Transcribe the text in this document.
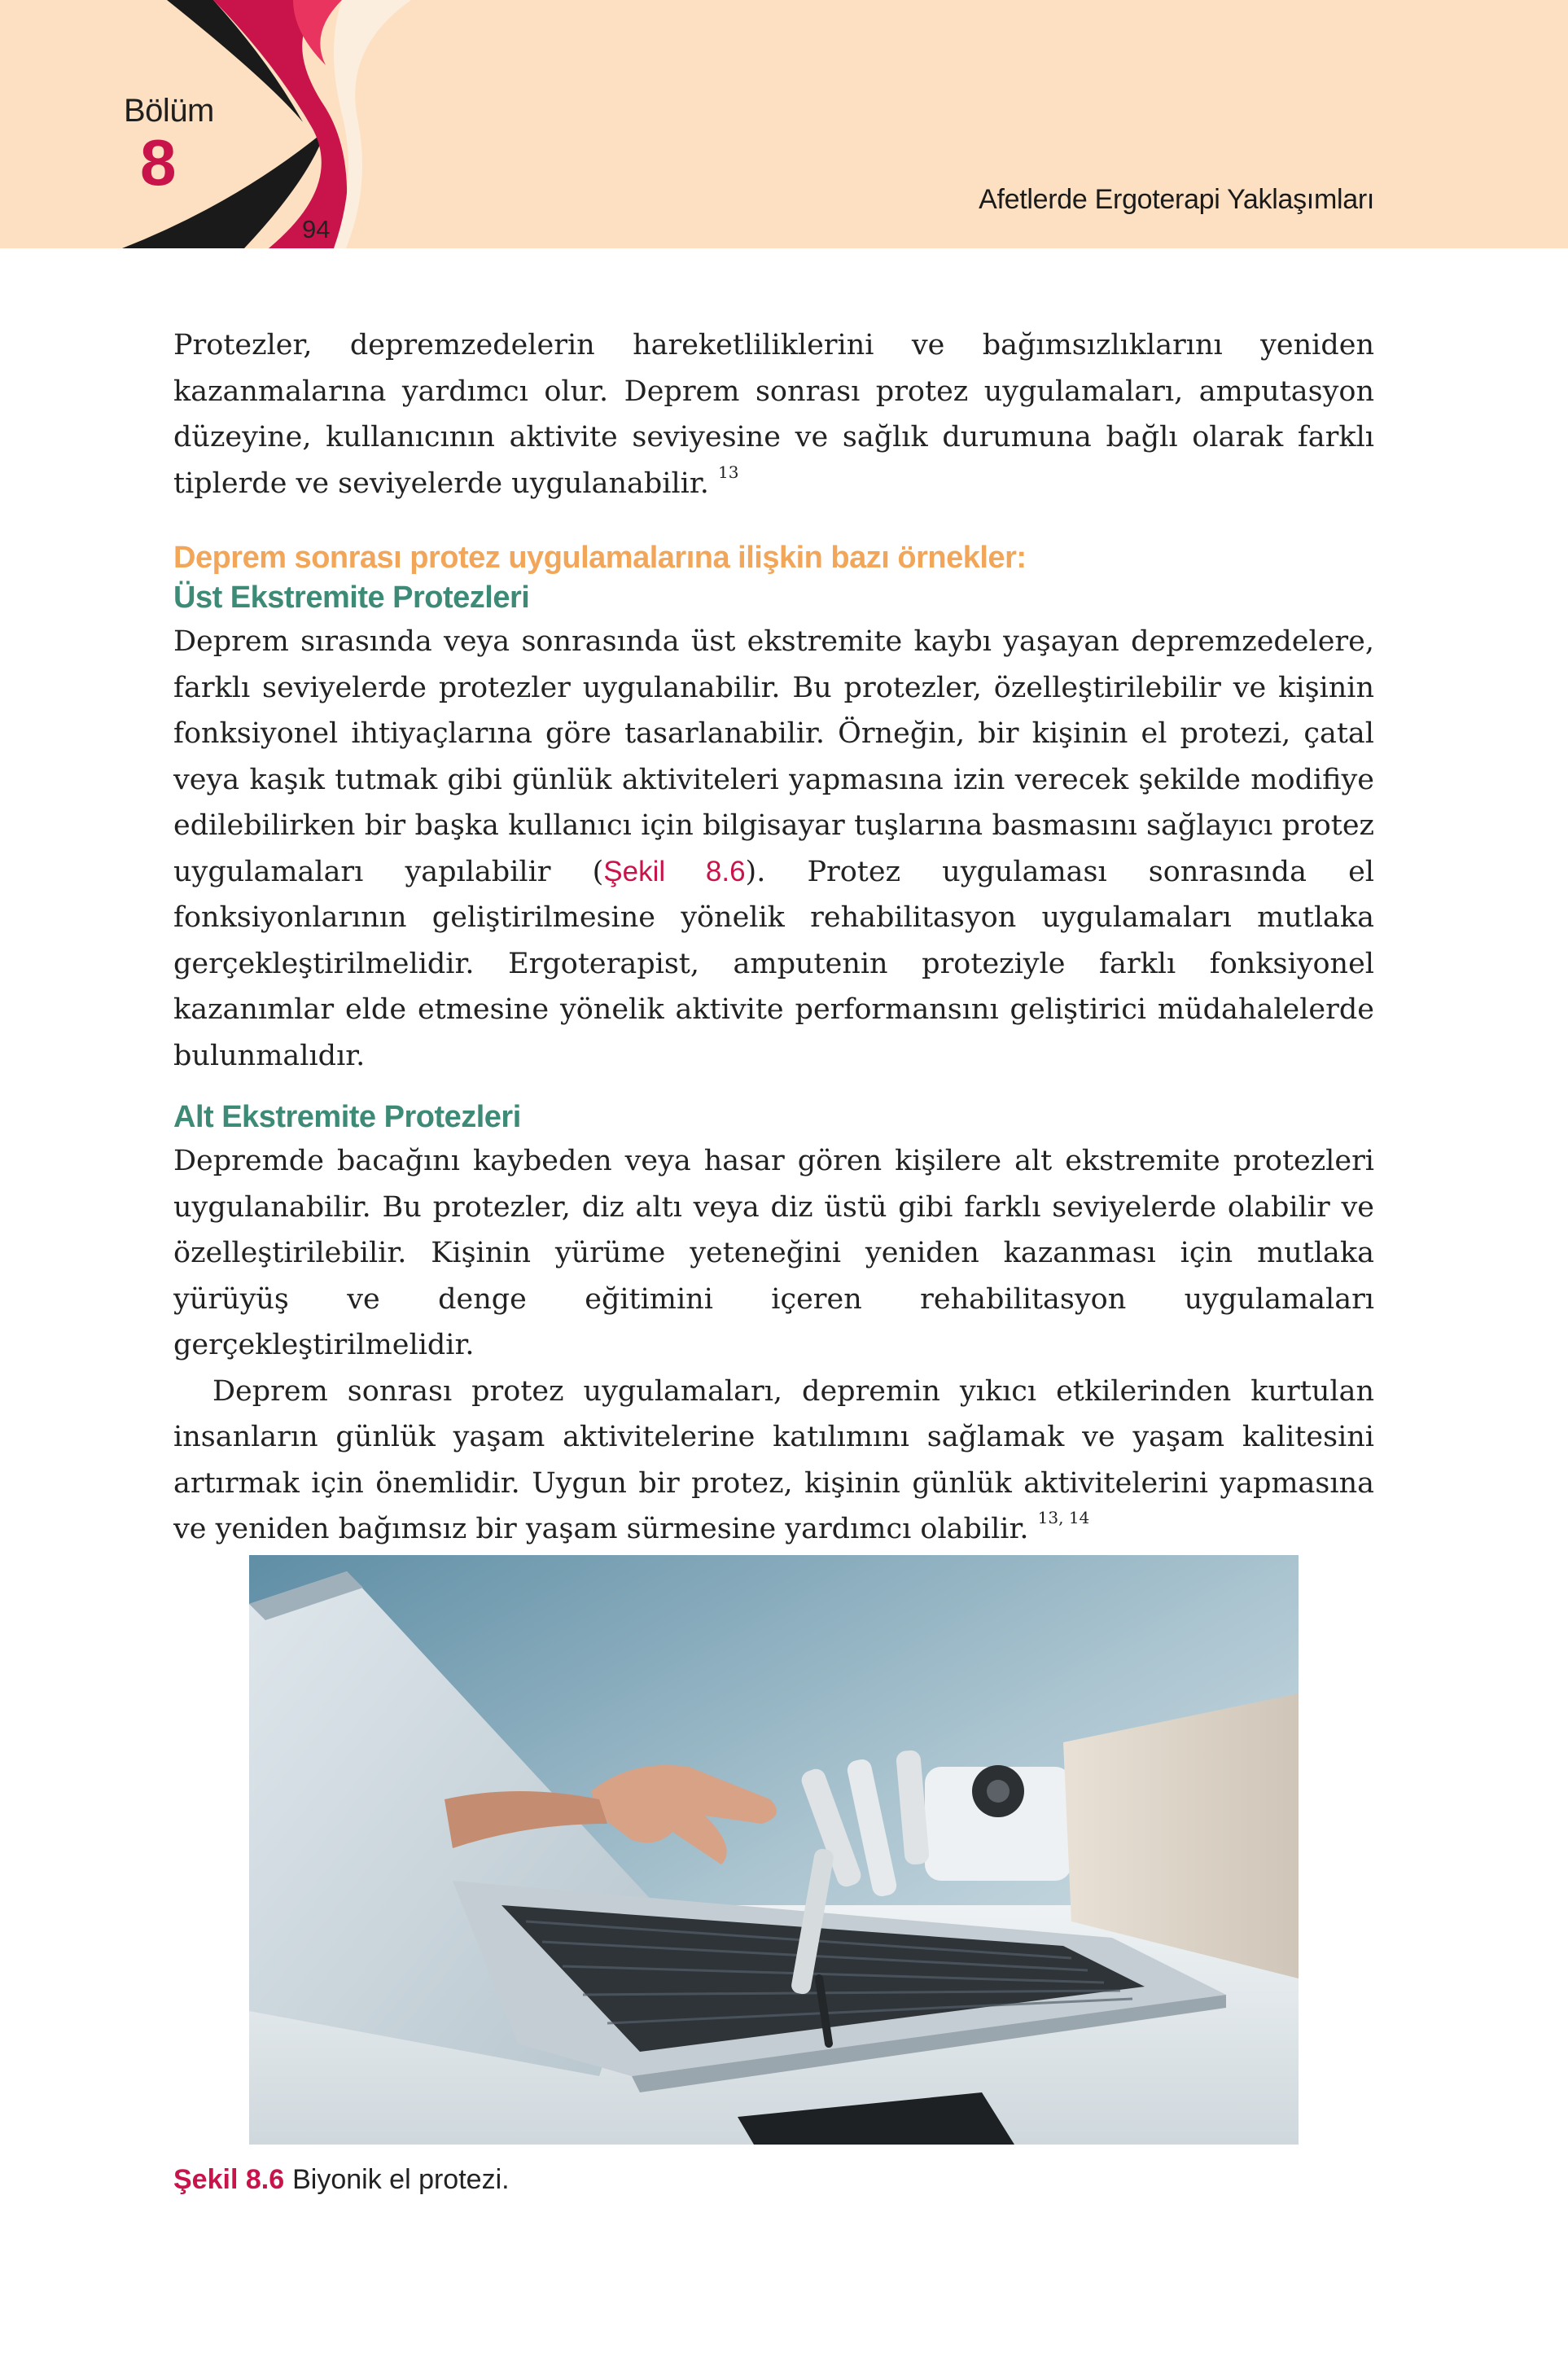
Bölüm
8
94
Afetlerde Ergoterapi Yaklaşımları

Protezler, depremzedelerin hareketliliklerini ve bağımsızlıklarını yeniden kazanmalarına yardımcı olur. Deprem sonrası protez uygulamaları, amputasyon düzeyine, kullanıcının aktivite seviyesine ve sağlık durumuna bağlı olarak farklı tiplerde ve seviyelerde uygulanabilir. $^{13}$

Deprem sonrası protez uygulamalarına ilişkin bazı örnekler:
Üst Ekstremite Protezleri

Deprem sırasında veya sonrasında üst ekstremite kaybı yaşayan depremzedelere, farklı seviyelerde protezler uygulanabilir. Bu protezler, özelleştirilebilir ve kişinin fonksiyonel ihtiyaçlarına göre tasarlanabilir. Örneğin, bir kişinin el protezi, çatal veya kaşık tutmak gibi günlük aktiviteleri yapmasına izin verecek şekilde modifiye edilebilirken bir başka kullanıcı için bilgisayar tuşlarına basmasını sağlayıcı protez uygulamaları yapılabilir (Şekil 8.6). Protez uygulaması sonrasında el fonksiyonlarının geliştirilmesine yönelik rehabilitasyon uygulamaları mutlaka gerçekleştirilmelidir. Ergoterapist, amputenin proteziyle farklı fonksiyonel kazanımlar elde etmesine yönelik aktivite performansını geliştirici müdahalelerde bulunmalıdır.

Alt Ekstremite Protezleri

Depremde bacağını kaybeden veya hasar gören kişilere alt ekstremite protezleri uygulanabilir. Bu protezler, diz altı veya diz üstü gibi farklı seviyelerde olabilir ve özelleştirilebilir. Kişinin yürüme yeteneğini yeniden kazanması için mutlaka yürüyüş ve denge eğitimini içeren rehabilitasyon uygulamaları gerçekleştirilmelidir.

Deprem sonrası protez uygulamaları, depremin yıkıcı etkilerinden kurtulan insanların günlük yaşam aktivitelerine katılımını sağlamak ve yaşam kalitesini artırmak için önemlidir. Uygun bir protez, kişinin günlük aktivitelerini yapmasına ve yeniden bağımsız bir yaşam sürmesine yardımcı olabilir. $^{13, 14}$

Şekil 8.6 Biyonik el protezi.
